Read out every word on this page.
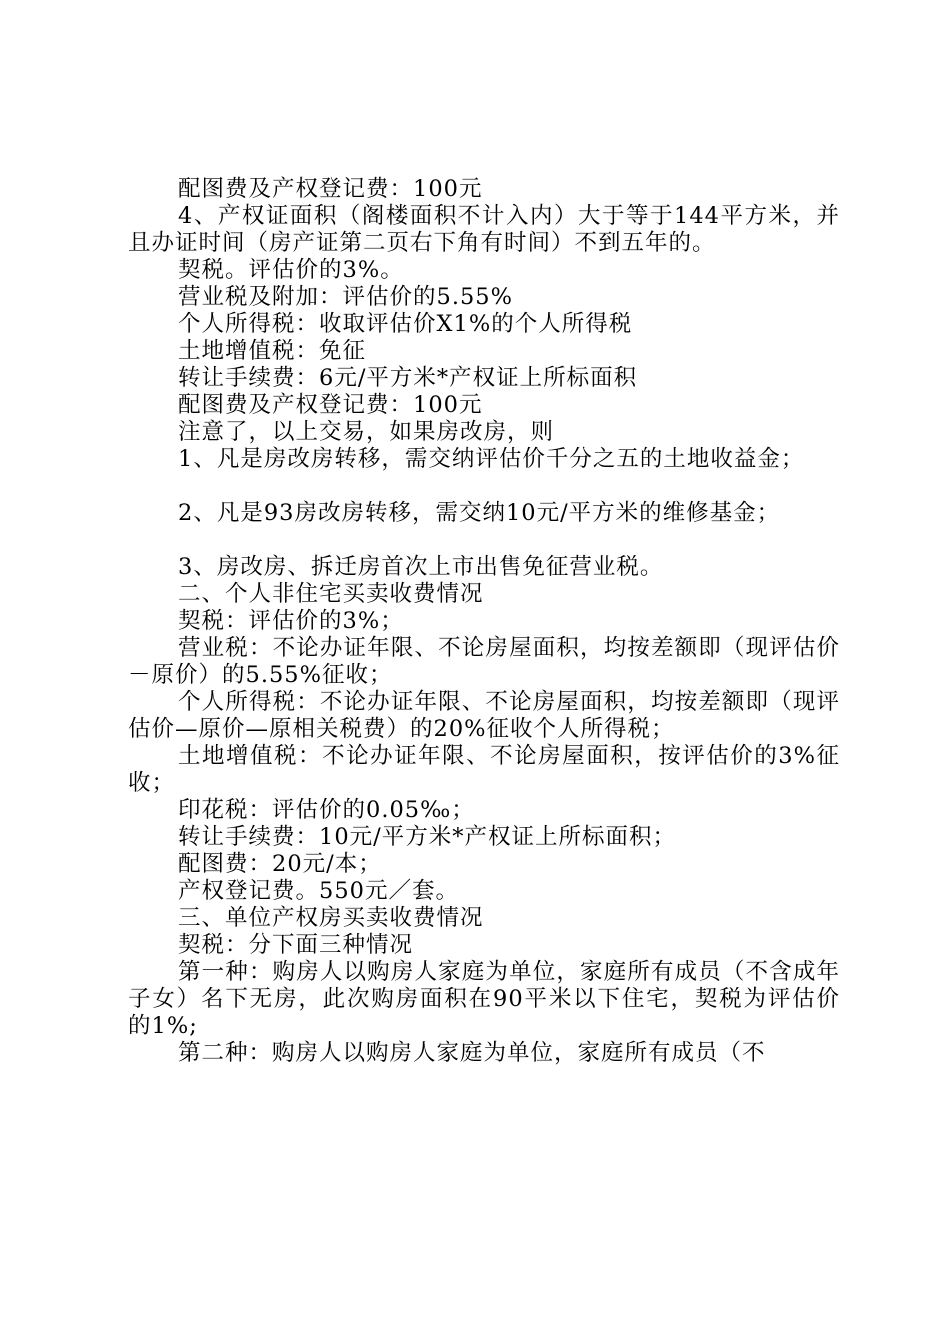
配图费及产权登记费：100元

4、产权证面积（阁楼面积不计入内）大于等于144平方米，并且办证时间（房产证第二页右下角有时间）不到五年的。

契税。评估价的3%。

营业税及附加：评估价的5.55%

个人所得税：收取评估价X1%的个人所得税

土地增值税：免征

转让手续费：6元/平方米*产权证上所标面积

配图费及产权登记费：100元

注意了，以上交易，如果房改房，则

1、凡是房改房转移，需交纳评估价千分之五的土地收益金；

2、凡是93房改房转移，需交纳10元/平方米的维修基金；

3、房改房、拆迁房首次上市出售免征营业税。

二、个人非住宅买卖收费情况

契税：评估价的3%；

营业税：不论办证年限、不论房屋面积，均按差额即（现评估价－原价）的5.55%征收；

个人所得税：不论办证年限、不论房屋面积，均按差额即（现评估价—原价—原相关税费）的20%征收个人所得税；

土地增值税：不论办证年限、不论房屋面积，按评估价的3%征收；

印花税：评估价的0.05‰；

转让手续费：10元/平方米*产权证上所标面积；

配图费：20元/本；

产权登记费。550元／套。

三、单位产权房买卖收费情况

契税：分下面三种情况

第一种：购房人以购房人家庭为单位，家庭所有成员（不含成年子女）名下无房，此次购房面积在90平米以下住宅，契税为评估价的1%;

第二种：购房人以购房人家庭为单位，家庭所有成员（不
